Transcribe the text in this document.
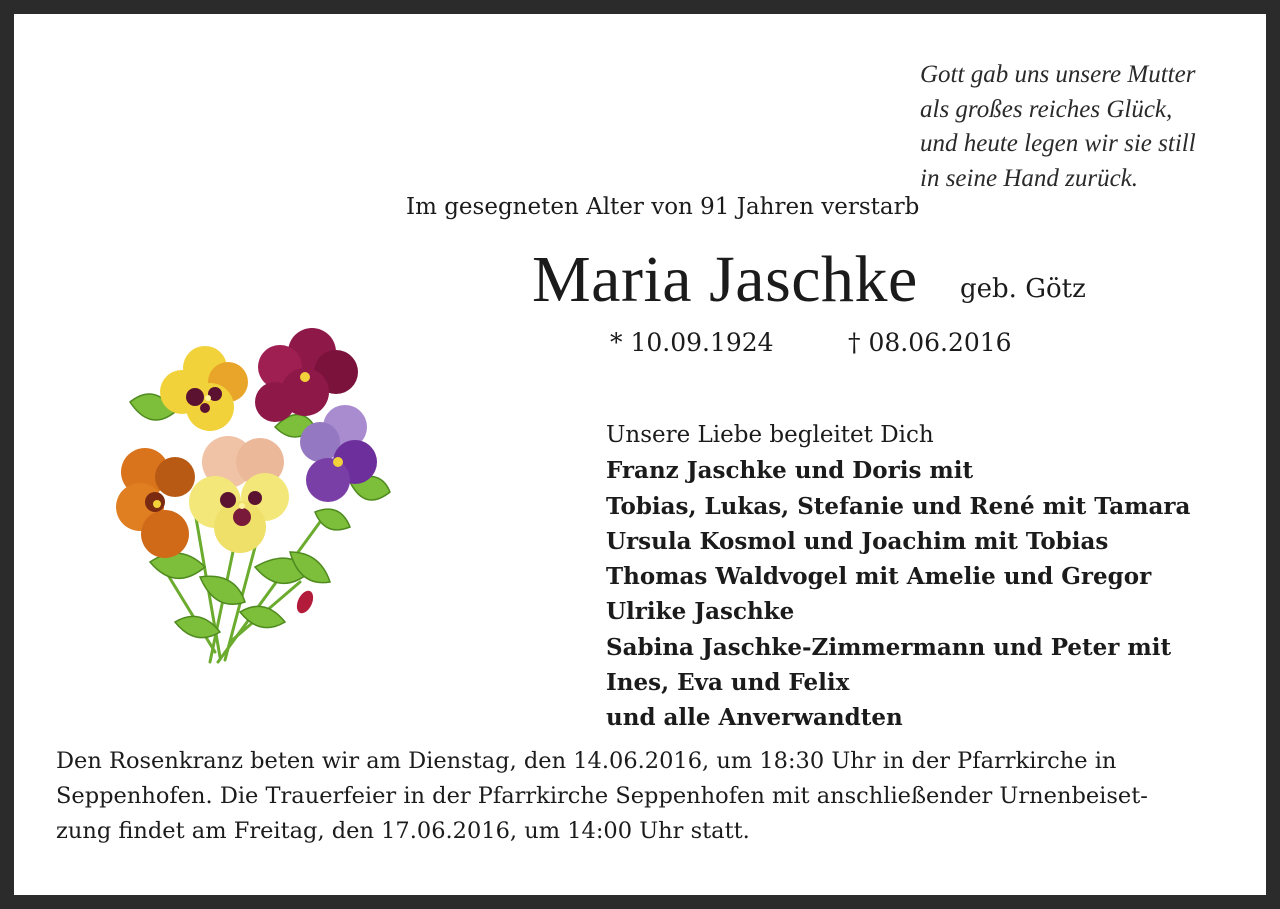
Gott gab uns unsere Mutter
als großes reiches Glück,
und heute legen wir sie still
in seine Hand zurück.
Im gesegneten Alter von 91 Jahren verstarb
Maria Jaschke geb. Götz
* 10.09.1924	† 08.06.2016
Unsere Liebe begleitet Dich
Franz Jaschke und Doris mit
Tobias, Lukas, Stefanie und René mit Tamara
Ursula Kosmol und Joachim mit Tobias
Thomas Waldvogel mit Amelie und Gregor
Ulrike Jaschke
Sabina Jaschke-Zimmermann und Peter mit
Ines, Eva und Felix
und alle Anverwandten
Den Rosenkranz beten wir am Dienstag, den 14.06.2016, um 18:30 Uhr in der Pfarrkirche in
Seppenhofen. Die Trauerfeier in der Pfarrkirche Seppenhofen mit anschließender Urnenbeiset-
zung findet am Freitag, den 17.06.2016, um 14:00 Uhr statt.
